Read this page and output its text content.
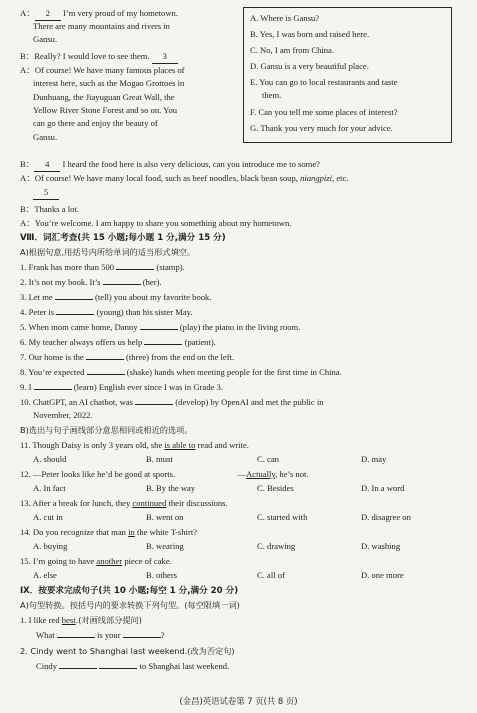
A： 2 I’m very proud of my hometown.
There are many mountains and rivers in
Gansu.
B：Really? I would love to see them. 3
A：Of course! We have many famous places of
interest here, such as the Mogao Grottoes in
Dunhuang, the Jiayuguan Great Wall, the
Yellow River Stone Forest and so on. You
can go there and enjoy the beauty of
Gansu.
A. Where is Gansu?
B. Yes, I was born and raised here.
C. No, I am from China.
D. Gansu is a very beautiful place.
E. You can go to local restaurants and taste
them.
F. Can you tell me some places of interest?
G. Thank you very much for your advice.
B： 4 I heard the food here is also very delicious, can you introduce me to some?
A：Of course! We have many local food, such as beef noodles, black bean soup, niangpizi, etc.
5
B：Thanks a lot.
A：You’re welcome. I am happy to share you something about my hometown.
Ⅷ．词汇考查(共 15 小题;每小题 1 分,满分 15 分)
A)根据句意,用括号内所给单词的适当形式填空。
1. Frank has more than 500	(stamp).
2. It’s not my book. It’s	(her).
3. Let me	(tell) you about my favorite book.
4. Peter is	(young) than his sister May.
5. When mom came home, Danny	(play) the piano in the living room.
6. My teacher always offers us help	(patient).
7. Our home is the	(three) from the end on the left.
8. You’re expected	(shake) hands when meeting people for the first time in China.
9. I	(learn) English ever since I was in Grade 3.
10. ChatGPT, an AI chatbot, was	(develop) by OpenAI and met the public in
November, 2022.
B)选出与句子画线部分意思相同或相近的选项。
11. Though Daisy is only 3 years old, she is able to read and write.
A. should	B. must	C. can	D. may
12. —Peter looks like he’d be good at sports.	—Actually, he’s not.
A. In fact	B. By the way	C. Besides	D. In a word
13. After a break for lunch, they continued their discussions.
A. cut in	B. went on	C. started with	D. disagree on
14. Do you recognize that man in the white T-shirt?
A. buying	B. wearing	C. drawing	D. washing
15. I’m going to have another piece of cake.
A. else	B. others	C. all of	D. one more
Ⅸ．按要求完成句子(共 10 小题;每空 1 分,满分 20 分)
A)句型转换。按括号内的要求转换下列句型。(每空限填一词)
1. I like red best.(对画线部分提问)
What	is your	?
2. Cindy went to Shanghai last weekend.(改为否定句)
Cindy	to Shanghai last weekend.
(金昌)英语试卷第 7 页(共 8 页)
